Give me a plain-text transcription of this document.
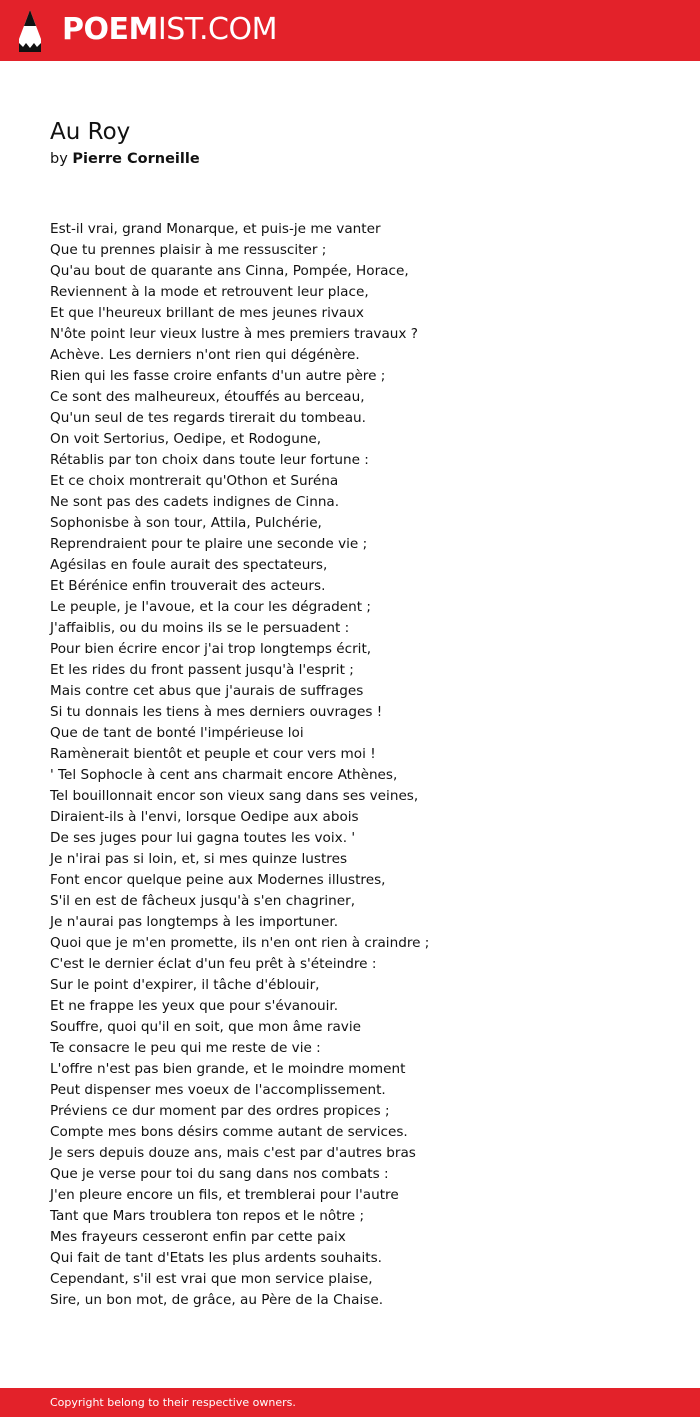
POEMIST.COM
Au Roy
by Pierre Corneille
Est-il vrai, grand Monarque, et puis-je me vanter
Que tu prennes plaisir à me ressusciter ;
Qu'au bout de quarante ans Cinna, Pompée, Horace,
Reviennent à la mode et retrouvent leur place,
Et que l'heureux brillant de mes jeunes rivaux
N'ôte point leur vieux lustre à mes premiers travaux ?
Achève. Les derniers n'ont rien qui dégénère.
Rien qui les fasse croire enfants d'un autre père ;
Ce sont des malheureux, étouffés au berceau,
Qu'un seul de tes regards tirerait du tombeau.
On voit Sertorius, Oedipe, et Rodogune,
Rétablis par ton choix dans toute leur fortune :
Et ce choix montrerait qu'Othon et Suréna
Ne sont pas des cadets indignes de Cinna.
Sophonisbe à son tour, Attila, Pulchérie,
Reprendraient pour te plaire une seconde vie ;
Agésilas en foule aurait des spectateurs,
Et Bérénice enfin trouverait des acteurs.
Le peuple, je l'avoue, et la cour les dégradent ;
J'affaiblis, ou du moins ils se le persuadent :
Pour bien écrire encor j'ai trop longtemps écrit,
Et les rides du front passent jusqu'à l'esprit ;
Mais contre cet abus que j'aurais de suffrages
Si tu donnais les tiens à mes derniers ouvrages !
Que de tant de bonté l'impérieuse loi
Ramènerait bientôt et peuple et cour vers moi !
' Tel Sophocle à cent ans charmait encore Athènes,
Tel bouillonnait encor son vieux sang dans ses veines,
Diraient-ils à l'envi, lorsque Oedipe aux abois
De ses juges pour lui gagna toutes les voix. '
Je n'irai pas si loin, et, si mes quinze lustres
Font encor quelque peine aux Modernes illustres,
S'il en est de fâcheux jusqu'à s'en chagriner,
Je n'aurai pas longtemps à les importuner.
Quoi que je m'en promette, ils n'en ont rien à craindre ;
C'est le dernier éclat d'un feu prêt à s'éteindre :
Sur le point d'expirer, il tâche d'éblouir,
Et ne frappe les yeux que pour s'évanouir.
Souffre, quoi qu'il en soit, que mon âme ravie
Te consacre le peu qui me reste de vie :
L'offre n'est pas bien grande, et le moindre moment
Peut dispenser mes voeux de l'accomplissement.
Préviens ce dur moment par des ordres propices ;
Compte mes bons désirs comme autant de services.
Je sers depuis douze ans, mais c'est par d'autres bras
Que je verse pour toi du sang dans nos combats :
J'en pleure encore un fils, et tremblerai pour l'autre
Tant que Mars troublera ton repos et le nôtre ;
Mes frayeurs cesseront enfin par cette paix
Qui fait de tant d'Etats les plus ardents souhaits.
Cependant, s'il est vrai que mon service plaise,
Sire, un bon mot, de grâce, au Père de la Chaise.
Copyright belong to their respective owners.
